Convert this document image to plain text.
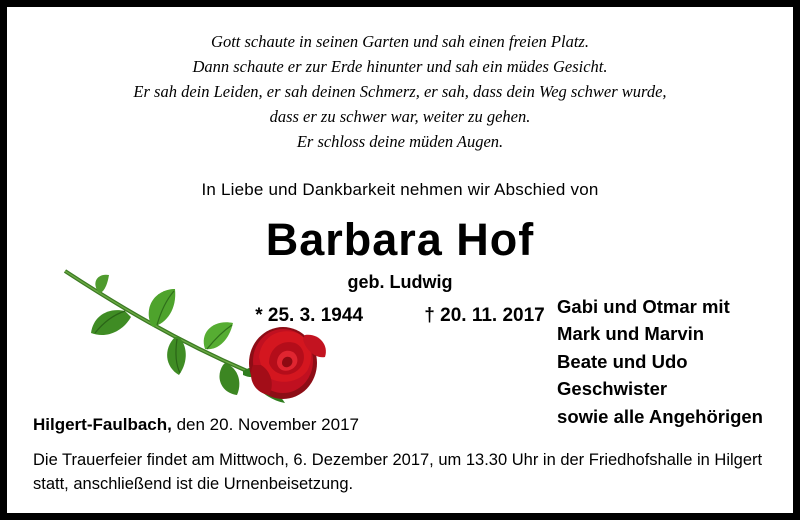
Gott schaute in seinen Garten und sah einen freien Platz.
Dann schaute er zur Erde hinunter und sah ein müdes Gesicht.
Er sah dein Leiden, er sah deinen Schmerz, er sah, dass dein Weg schwer wurde,
dass er zu schwer war, weiter zu gehen.
Er schloss deine müden Augen.
In Liebe und Dankbarkeit nehmen wir Abschied von
Barbara Hof
geb. Ludwig
* 25. 3. 1944	† 20. 11. 2017 Gabi und Otmar mit
Mark und Marvin
Beate und Udo
Geschwister
sowie alle Angehörigen
Hilgert-Faulbach, den 20. November 2017
Die Trauerfeier findet am Mittwoch, 6. Dezember 2017, um 13.30 Uhr in der Friedhofshalle in Hilgert statt, anschließend ist die Urnenbeisetzung.
